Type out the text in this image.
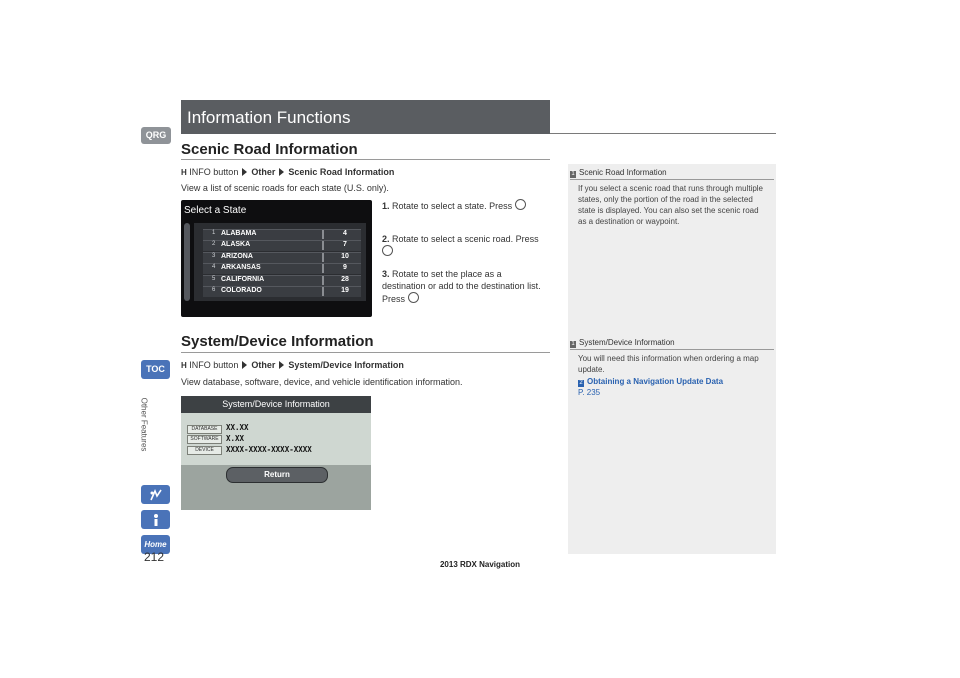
Information Functions
QRG
TOC
Other Features
Home
212
Scenic Road Information
H INFO button Other Scenic Road Information
View a list of scenic roads for each state (U.S. only).
Select a State
1 ALABAMA	4
2 ALASKA	7
3 ARIZONA	10
4 ARKANSAS	9
5 CALIFORNIA	28
6 COLORADO	19
1. Rotate to select a state. Press
2. Rotate to select a scenic road. Press
3. Rotate to set the place as a destination or add to the destination list. Press
System/Device Information
H INFO button Other System/Device Information
View database, software, device, and vehicle identification information.
System/Device Information
DATABASE	XX.XX
SOFTWARE X.XX
DEVICE	XXXX-XXXX-XXXX-XXXX
Return
1 Scenic Road Information
If you select a scenic road that runs through multiple states, only the portion of the road in the selected state is displayed. You can also set the scenic road as a destination or waypoint.
1 System/Device Information
You will need this information when ordering a map update.
2 Obtaining a Navigation Update Data
P. 235
2013 RDX Navigation
